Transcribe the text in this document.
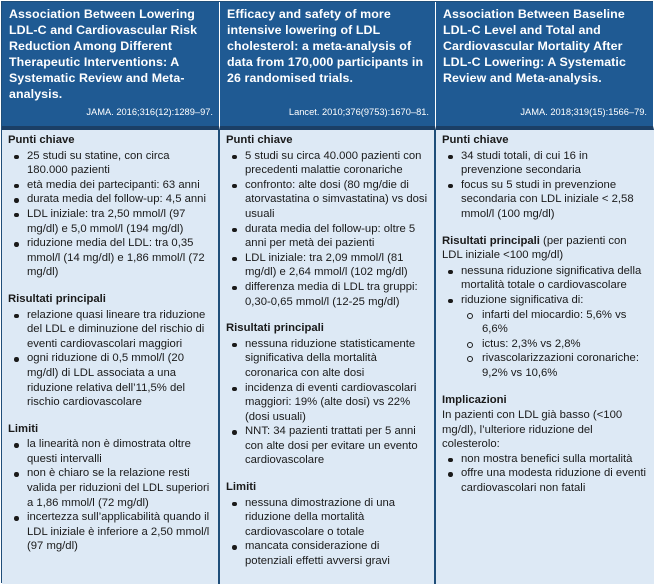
Association Between Lowering LDL-C and Cardiovascular Risk Reduction Among Different Therapeutic Interventions: A Systematic Review and Meta-analysis.
JAMA. 2016;316(12):1289–97.
Efficacy and safety of more intensive lowering of LDL cholesterol: a meta-analysis of data from 170,000 participants in 26 randomised trials.
Lancet. 2010;376(9753):1670–81.
Association Between Baseline LDL-C Level and Total and Cardiovascular Mortality After LDL-C Lowering: A Systematic Review and Meta-analysis.
JAMA. 2018;319(15):1566–79.
Punti chiave
25 studi su statine, con circa 180.000 pazienti
età media dei partecipanti: 63 anni
durata media del follow-up: 4,5 anni
LDL iniziale: tra 2,50 mmol/l (97 mg/dl) e 5,0 mmol/l (194 mg/dl)
riduzione media del LDL: tra 0,35 mmol/l (14 mg/dl) e 1,86 mmol/l (72 mg/dl)
Risultati principali
relazione quasi lineare tra riduzione del LDL e diminuzione del rischio di eventi cardiovascolari maggiori
ogni riduzione di 0,5 mmol/l (20 mg/dl) di LDL associata a una riduzione relativa dell’11,5% del rischio cardiovascolare
Limiti
la linearità non è dimostrata oltre questi intervalli
non è chiaro se la relazione resti valida per riduzioni del LDL superiori a 1,86 mmol/l (72 mg/dl)
incertezza sull’applicabilità quando il LDL iniziale è inferiore a 2,50 mmol/l (97 mg/dl)
Punti chiave
5 studi su circa 40.000 pazienti con precedenti malattie coronariche
confronto: alte dosi (80 mg/die di atorvastatina o simvastatina) vs dosi usuali
durata media del follow-up: oltre 5 anni per metà dei pazienti
LDL iniziale: tra 2,09 mmol/l (81 mg/dl) e 2,64 mmol/l (102 mg/dl)
differenza media di LDL tra gruppi: 0,30-0,65 mmol/l (12-25 mg/dl)
Risultati principali
nessuna riduzione statisticamente significativa della mortalità coronarica con alte dosi
incidenza di eventi cardiovascolari maggiori: 19% (alte dosi) vs 22% (dosi usuali)
NNT: 34 pazienti trattati per 5 anni con alte dosi per evitare un evento cardiovascolare
Limiti
nessuna dimostrazione di una riduzione della mortalità cardiovascolare o totale
mancata considerazione di potenziali effetti avversi gravi
Punti chiave
34 studi totali, di cui 16 in prevenzione secondaria
focus su 5 studi in prevenzione secondaria con LDL iniziale < 2,58 mmol/l (100 mg/dl)
Risultati principali (per pazienti con LDL iniziale <100 mg/dl)
nessuna riduzione significativa della mortalità totale o cardiovascolare
riduzione significativa di:
infarti del miocardio: 5,6% vs 6,6%
ictus: 2,3% vs 2,8%
rivascolarizzazioni coronariche: 9,2% vs 10,6%
Implicazioni

In pazienti con LDL già basso (<100 mg/dl), l’ulteriore riduzione del colesterolo:

non mostra benefici sulla mortalità
offre una modesta riduzione di eventi cardiovascolari non fatali
